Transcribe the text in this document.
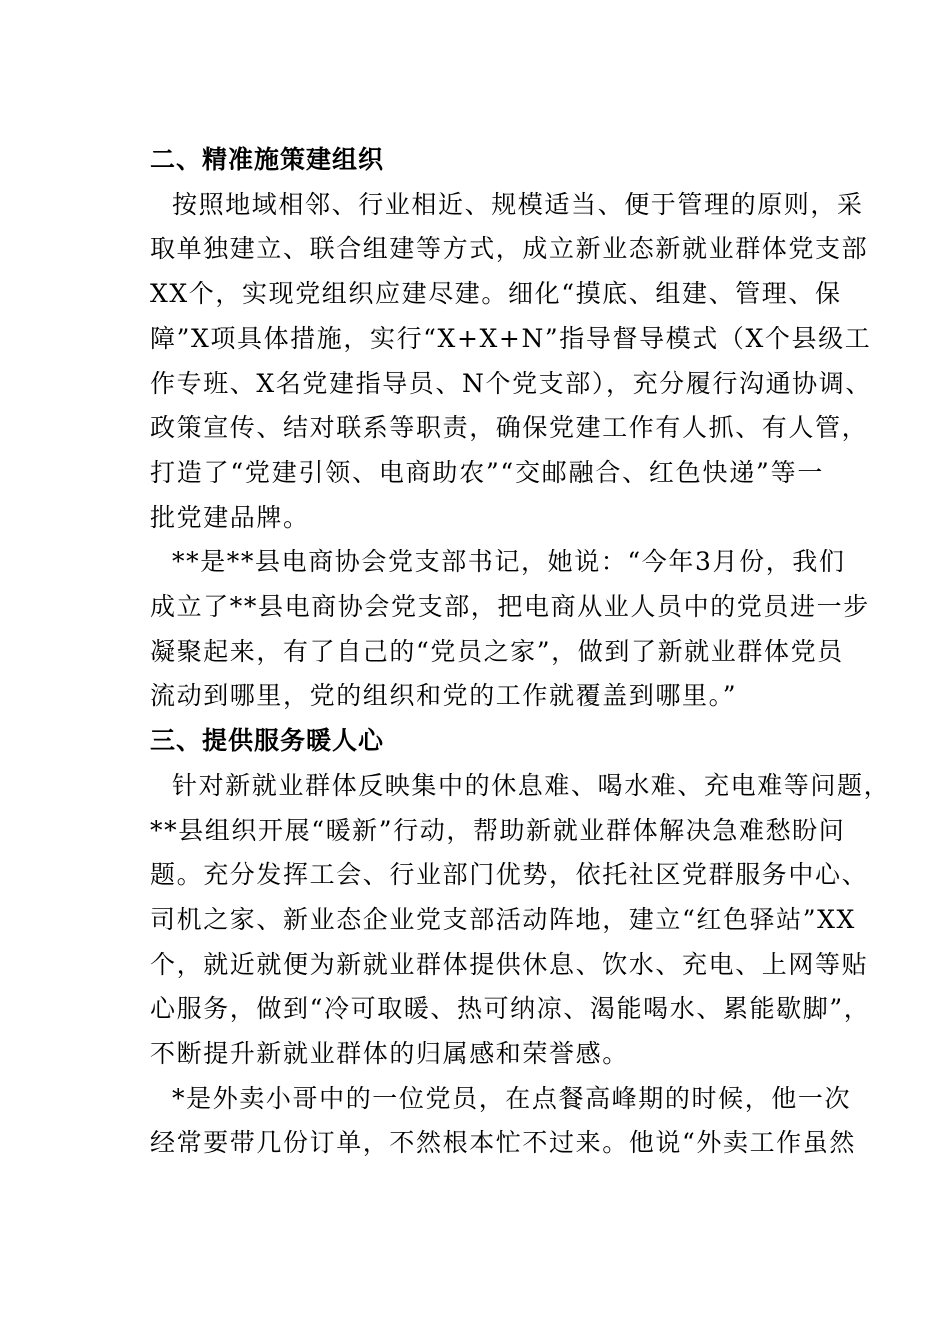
二、精准施策建组织
按照地域相邻、行业相近、规模适当、便于管理的原则，采
取单独建立、联合组建等方式，成立新业态新就业群体党支部
XX个，实现党组织应建尽建。细化“摸底、组建、管理、保
障”X项具体措施，实行“X+X+N”指导督导模式（X个县级工
作专班、X名党建指导员、N个党支部），充分履行沟通协调、
政策宣传、结对联系等职责，确保党建工作有人抓、有人管，
打造了“党建引领、电商助农”“交邮融合、红色快递”等一
批党建品牌。
**是**县电商协会党支部书记，她说：“今年3月份，我们
成立了**县电商协会党支部，把电商从业人员中的党员进一步
凝聚起来，有了自己的“党员之家”，做到了新就业群体党员
流动到哪里，党的组织和党的工作就覆盖到哪里。”
三、提供服务暖人心
针对新就业群体反映集中的休息难、喝水难、充电难等问题，
**县组织开展“暖新”行动，帮助新就业群体解决急难愁盼问
题。充分发挥工会、行业部门优势，依托社区党群服务中心、
司机之家、新业态企业党支部活动阵地，建立“红色驿站”XX
个，就近就便为新就业群体提供休息、饮水、充电、上网等贴
心服务，做到“冷可取暖、热可纳凉、渴能喝水、累能歇脚”，
不断提升新就业群体的归属感和荣誉感。
*是外卖小哥中的一位党员，在点餐高峰期的时候，他一次
经常要带几份订单，不然根本忙不过来。他说“外卖工作虽然
